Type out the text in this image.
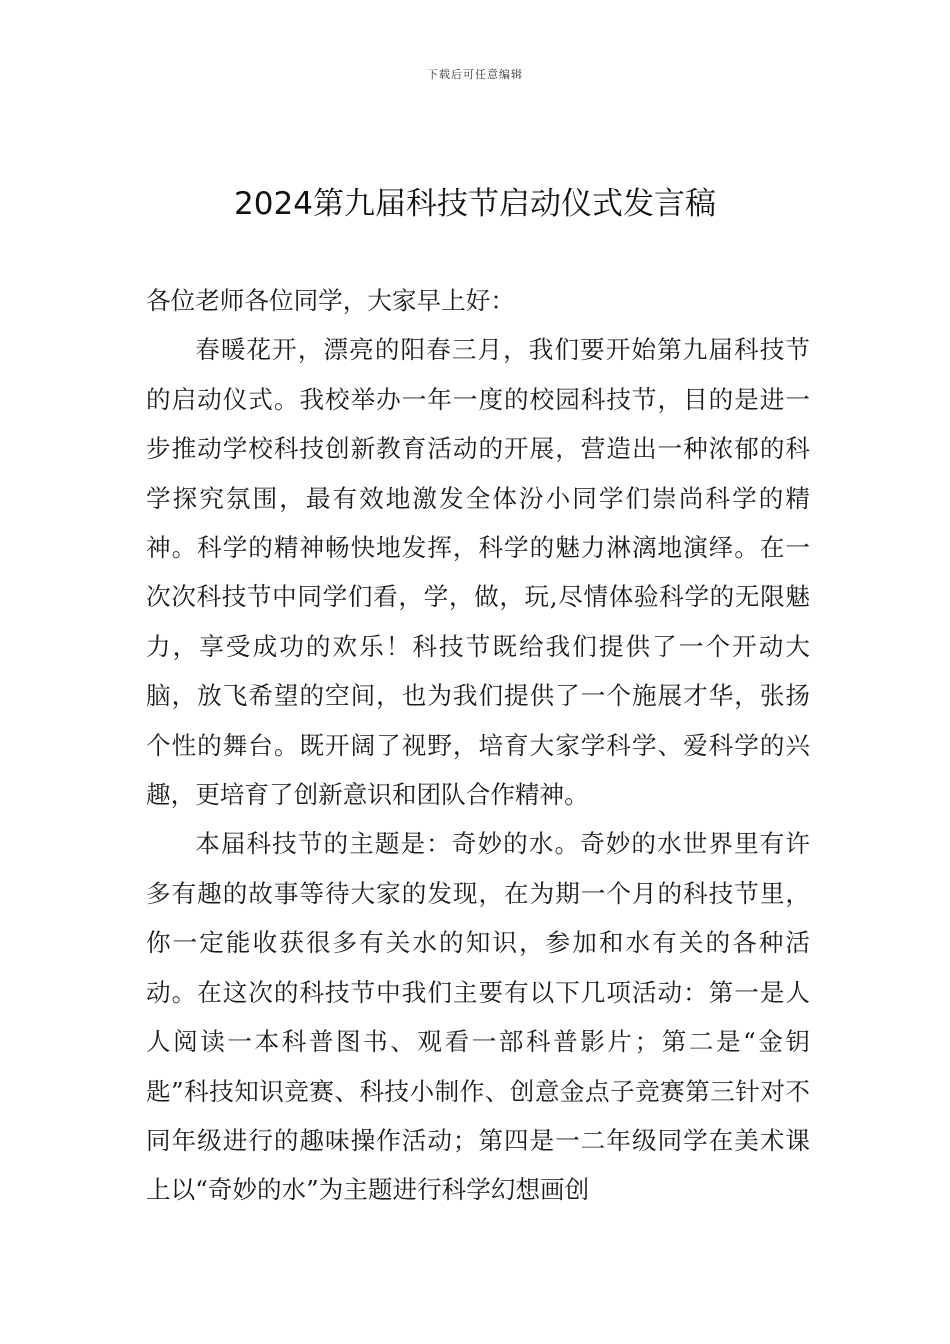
下载后可任意编辑
2024第九届科技节启动仪式发言稿

各位老师各位同学，大家早上好：

春暖花开，漂亮的阳春三月，我们要开始第九届科技节的启动仪式。我校举办一年一度的校园科技节，目的是进一步推动学校科技创新教育活动的开展，营造出一种浓郁的科学探究氛围，最有效地激发全体汾小同学们崇尚科学的精神。科学的精神畅快地发挥，科学的魅力淋漓地演绎。在一次次科技节中同学们看，学，做，玩,尽情体验科学的无限魅力，享受成功的欢乐！科技节既给我们提供了一个开动大脑，放飞希望的空间，也为我们提供了一个施展才华，张扬个性的舞台。既开阔了视野，培育大家学科学、爱科学的兴趣，更培育了创新意识和团队合作精神。

本届科技节的主题是：奇妙的水。奇妙的水世界里有许多有趣的故事等待大家的发现，在为期一个月的科技节里，你一定能收获很多有关水的知识，参加和水有关的各种活动。在这次的科技节中我们主要有以下几项活动：第一是人人阅读一本科普图书、观看一部科普影片；第二是“金钥匙”科技知识竞赛、科技小制作、创意金点子竞赛第三针对不同年级进行的趣味操作活动；第四是一二年级同学在美术课上以“奇妙的水”为主题进行科学幻想画创
